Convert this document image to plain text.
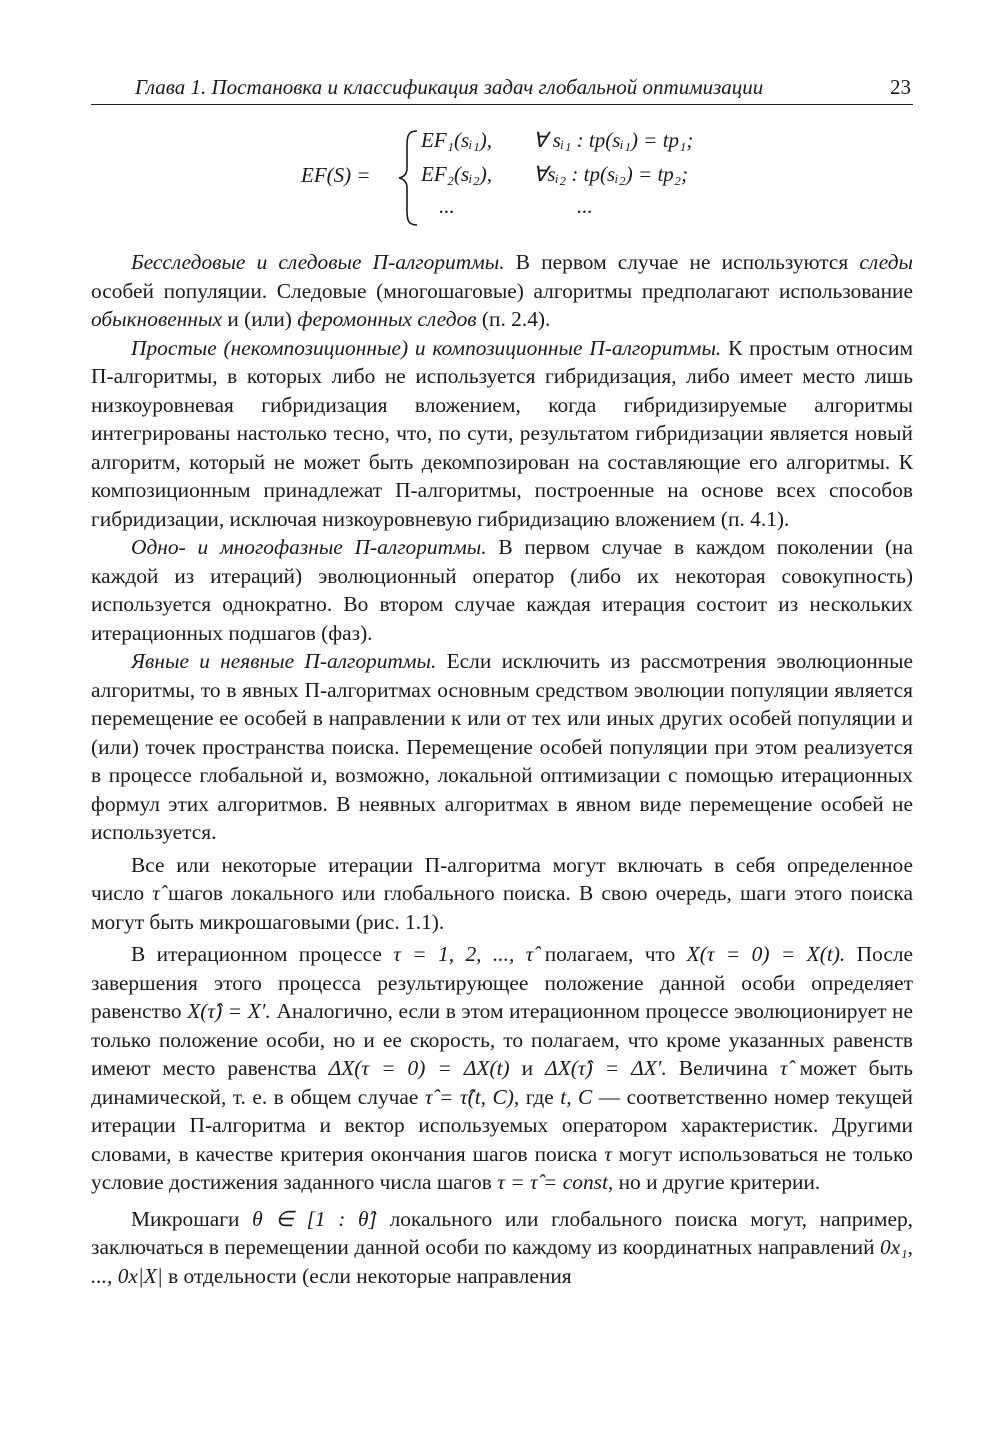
Глава 1. Постановка и классификация задач глобальной оптимизации	23
EF(S) =
EF₁(sᵢ₁), ∀ sᵢ₁ : tp(sᵢ₁) = tp₁;
EF₂(sᵢ₂), ∀sᵢ₂ : tp(sᵢ₂) = tp₂;
...	...

Бесследовые и следовые П-алгоритмы. В первом случае не используются следы особей популяции. Следовые (многошаговые) алгоритмы предполагают использование обыкновенных и (или) феромонных следов (п. 2.4).

Простые (некомпозиционные) и композиционные П-алгоритмы. К простым относим П-алгоритмы, в которых либо не используется гибридизация, либо имеет место лишь низкоуровневая гибридизация вложением, когда гибридизируемые алгоритмы интегрированы настолько тесно, что, по сути, результатом гибридизации является новый алгоритм, который не может быть декомпозирован на составляющие его алгоритмы. К композиционным принадлежат П-алгоритмы, построенные на основе всех способов гибридизации, исключая низкоуровневую гибридизацию вложением (п. 4.1).

Одно- и многофазные П-алгоритмы. В первом случае в каждом поколении (на каждой из итераций) эволюционный оператор (либо их некоторая совокупность) используется однократно. Во втором случае каждая итерация состоит из нескольких итерационных подшагов (фаз).

Явные и неявные П-алгоритмы. Если исключить из рассмотрения эволюционные алгоритмы, то в явных П-алгоритмах основным средством эволюции популяции является перемещение ее особей в направлении к или от тех или иных других особей популяции и (или) точек пространства поиска. Перемещение особей популяции при этом реализуется в процессе глобальной и, возможно, локальной оптимизации с помощью итерационных формул этих алгоритмов. В неявных алгоритмах в явном виде перемещение особей не используется.

Все или некоторые итерации П-алгоритма могут включать в себя определенное число τ̂ шагов локального или глобального поиска. В свою очередь, шаги этого поиска могут быть микрошаговыми (рис. 1.1).

В итерационном процессе τ = 1, 2, ..., τ̂ полагаем, что X(τ = 0) = X(t). После завершения этого процесса результирующее положение данной особи определяет равенство X(τ̂) = X′. Аналогично, если в этом итерационном процессе эволюционирует не только положение особи, но и ее скорость, то полагаем, что кроме указанных равенств имеют место равенства ΔX(τ = 0) = ΔX(t) и ΔX(τ̂) = ΔX′. Величина τ̂ может быть динамической, т. е. в общем случае τ̂ = τ̂(t, C), где t, C — соответственно номер текущей итерации П-алгоритма и вектор используемых оператором характеристик. Другими словами, в качестве критерия окончания шагов поиска τ могут использоваться не только условие достижения заданного числа шагов τ = τ̂ = const, но и другие критерии.

Микрошаги θ ∈ [1 : θ̂] локального или глобального поиска могут, например, заключаться в перемещении данной особи по каждому из координатных направлений 0x₁, ..., 0x|X| в отдельности (если некоторые направления
